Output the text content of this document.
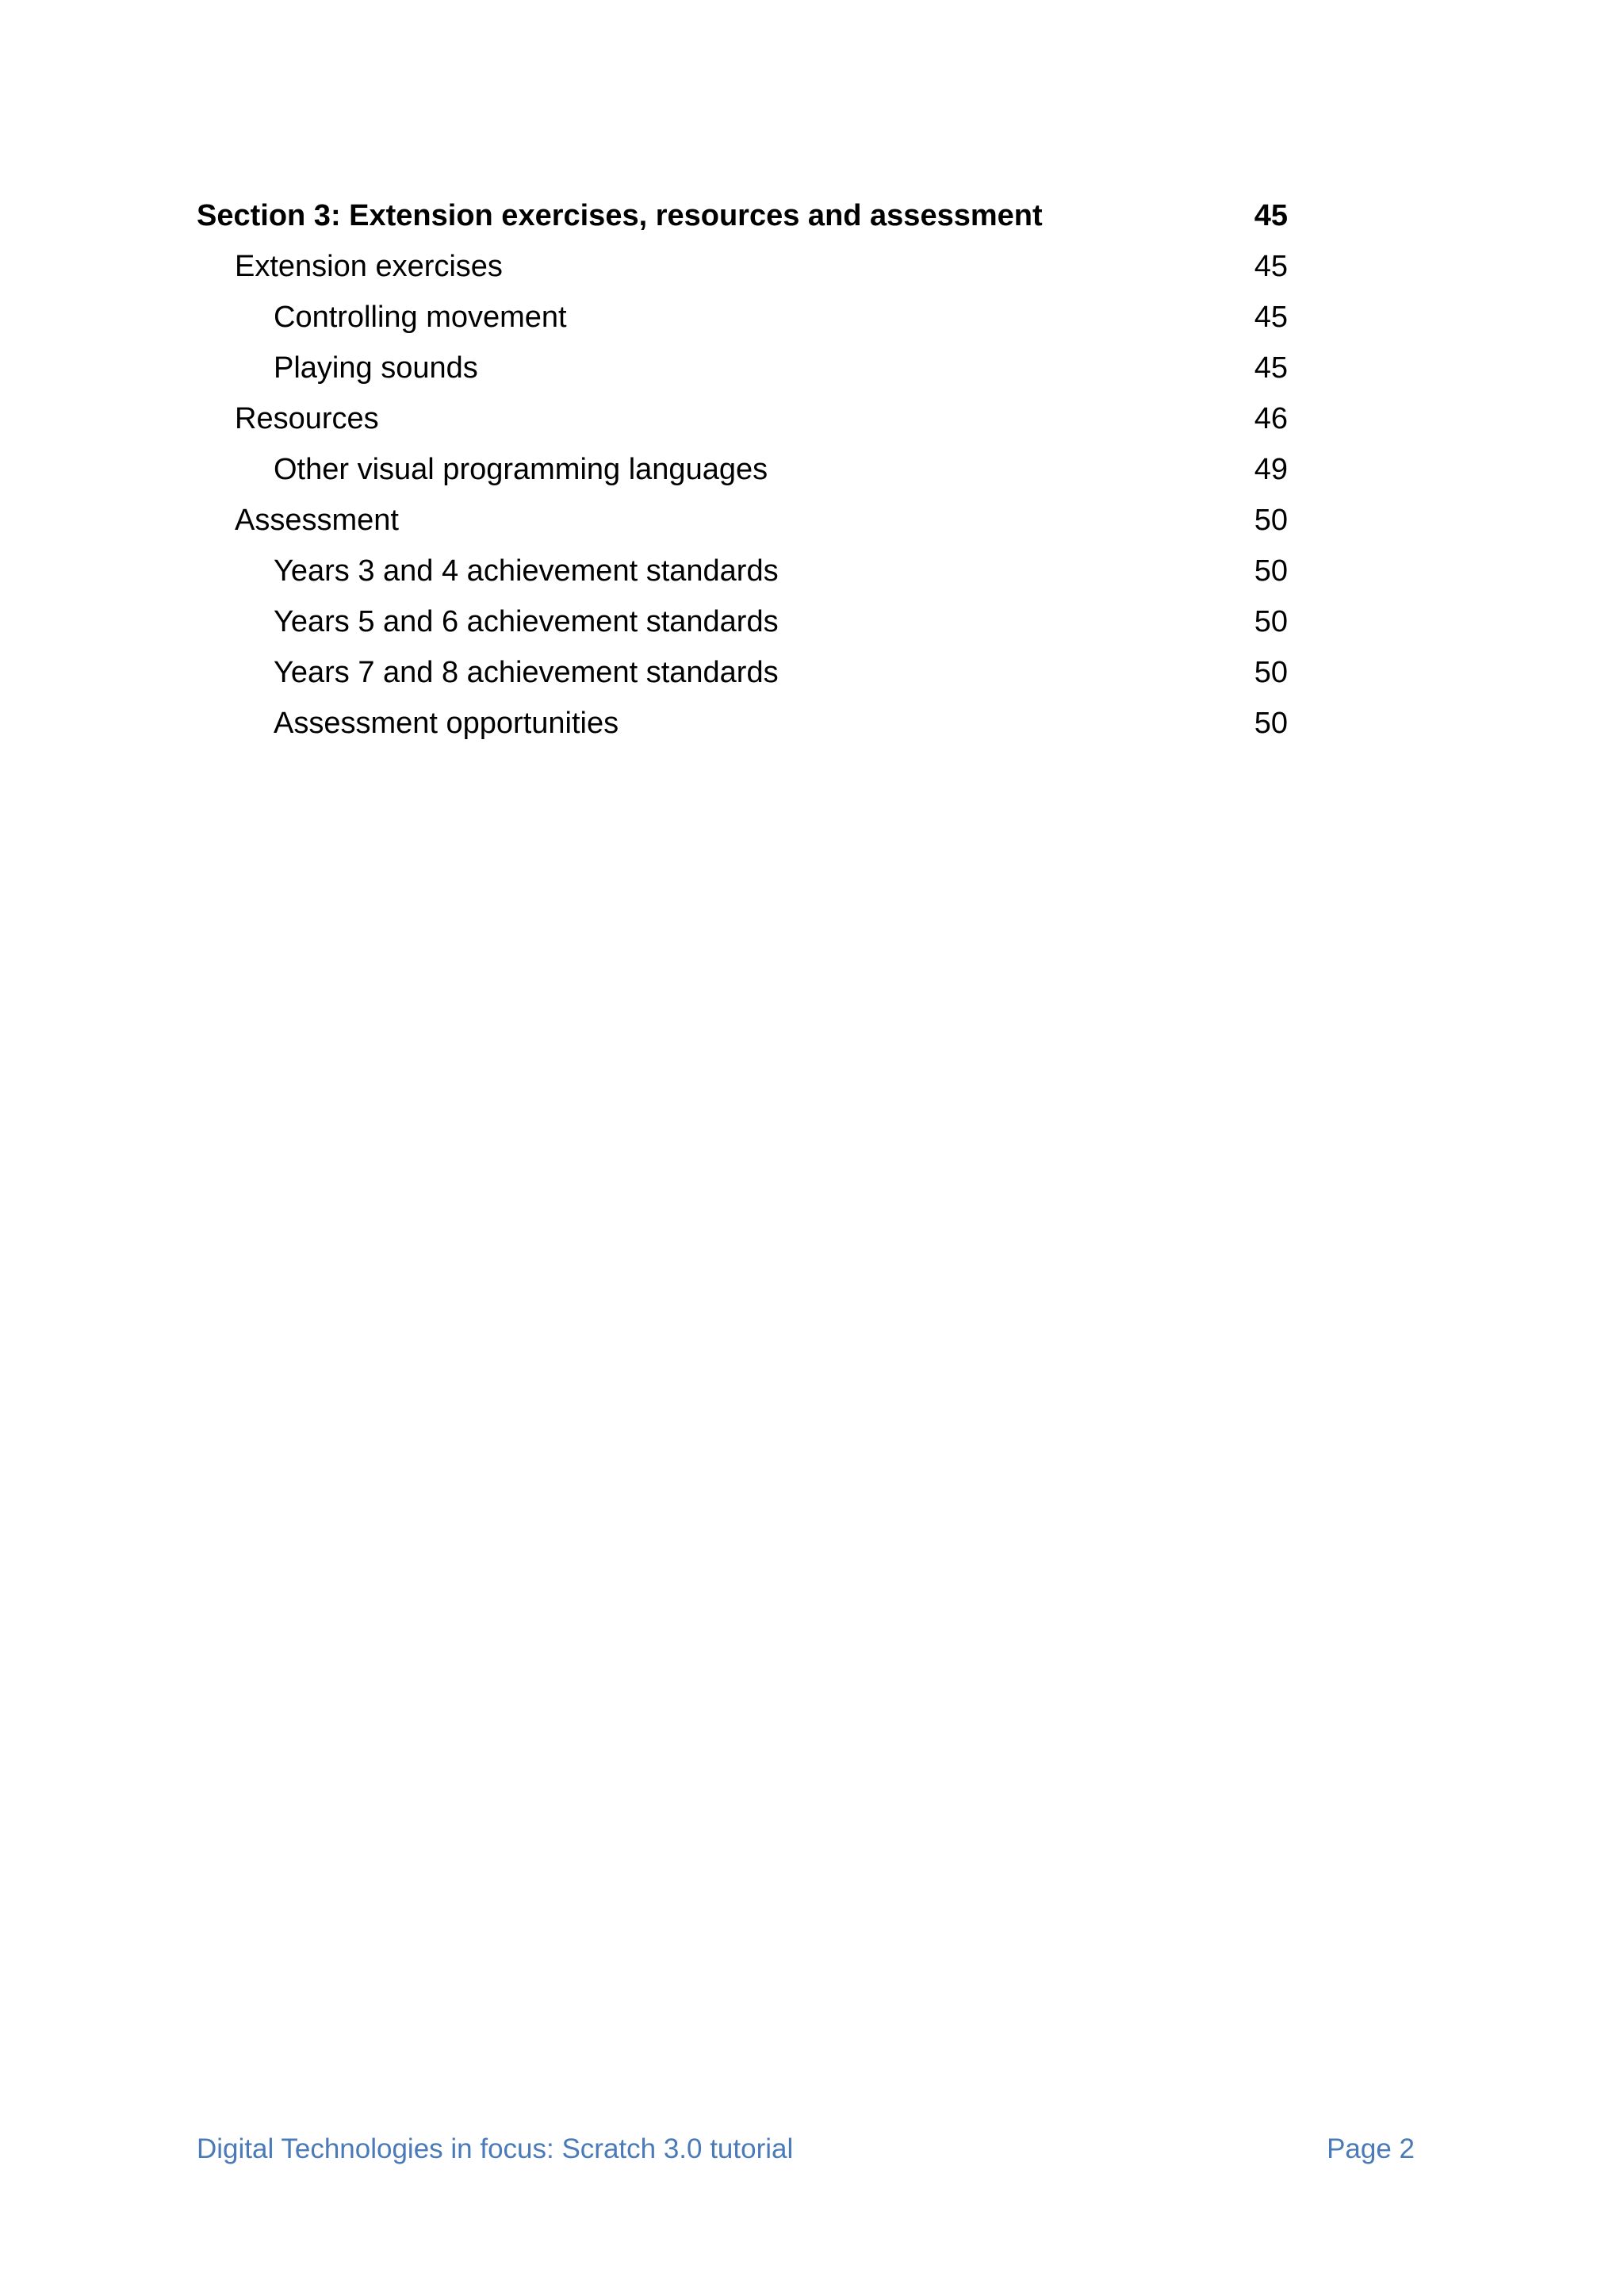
Section 3: Extension exercises, resources and assessment	45
Extension exercises	45
Controlling movement	45
Playing sounds	45
Resources	46
Other visual programming languages	49
Assessment	50
Years 3 and 4 achievement standards	50
Years 5 and 6 achievement standards	50
Years 7 and 8 achievement standards	50
Assessment opportunities	50
Digital Technologies in focus: Scratch 3.0 tutorial	Page 2
